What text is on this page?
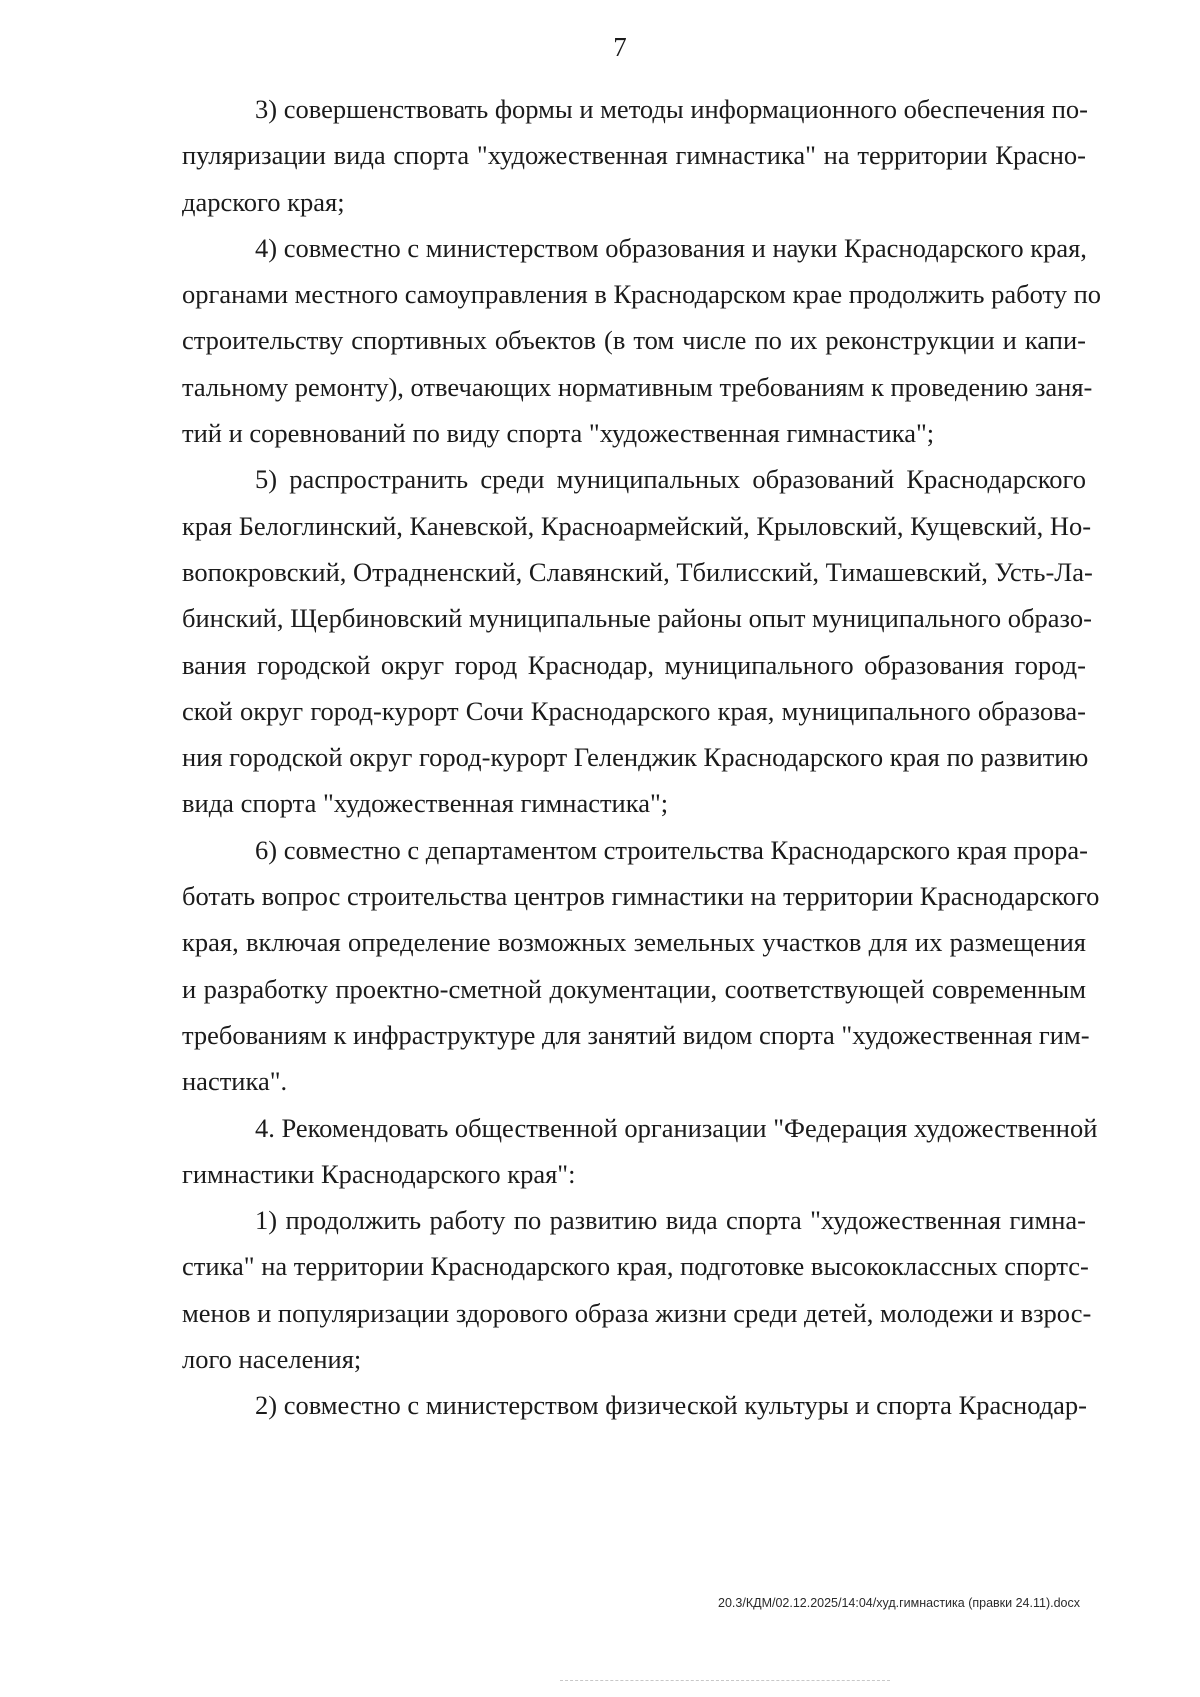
7
3) совершенствовать формы и методы информационного обеспечения по-
пуляризации вида спорта "художественная гимнастика" на территории Красно-
дарского края;
4) совместно с министерством образования и науки Краснодарского края,
органами местного самоуправления в Краснодарском крае продолжить работу по
строительству спортивных объектов (в том числе по их реконструкции и капи-
тальному ремонту), отвечающих нормативным требованиям к проведению заня-
тий и соревнований по виду спорта "художественная гимнастика";
5) распространить среди муниципальных образований Краснодарского
края Белоглинский, Каневской, Красноармейский, Крыловский, Кущевский, Но-
вопокровский, Отрадненский, Славянский, Тбилисский, Тимашевский, Усть-Ла-
бинский, Щербиновский муниципальные районы опыт муниципального образо-
вания городской округ город Краснодар, муниципального образования город-
ской округ город-курорт Сочи Краснодарского края, муниципального образова-
ния городской округ город-курорт Геленджик Краснодарского края по развитию
вида спорта "художественная гимнастика";
6) совместно с департаментом строительства Краснодарского края прора-
ботать вопрос строительства центров гимнастики на территории Краснодарского
края, включая определение возможных земельных участков для их размещения
и разработку проектно-сметной документации, соответствующей современным
требованиям к инфраструктуре для занятий видом спорта "художественная гим-
настика".
4. Рекомендовать общественной организации "Федерация художественной
гимнастики Краснодарского края":
1) продолжить работу по развитию вида спорта "художественная гимна-
стика" на территории Краснодарского края, подготовке высококлассных спортс-
менов и популяризации здорового образа жизни среди детей, молодежи и взрос-
лого населения;
2) совместно с министерством физической культуры и спорта Краснодар-
20.3/КДМ/02.12.2025/14:04/худ.гимнастика (правки 24.11).docx
